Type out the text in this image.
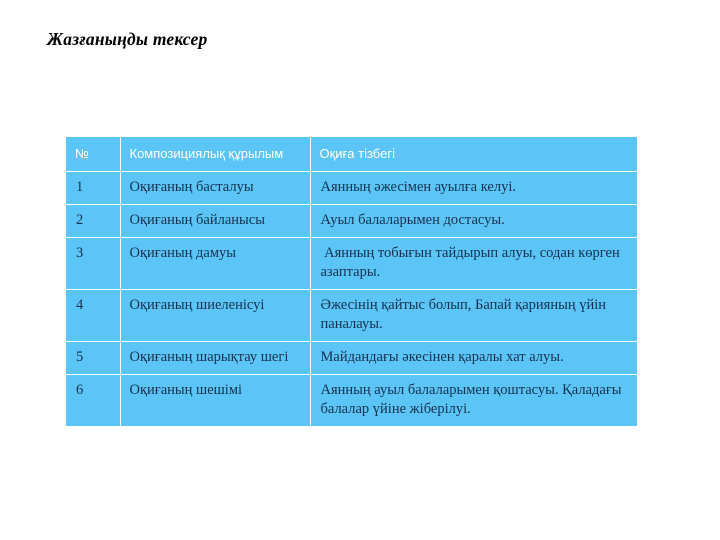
Жазғаныңды тексер
№	Композициялық құрылым	Оқиға тізбегі
1	Оқиғаның басталуы	Аянның әжесімен ауылға келуі.
2	Оқиғаның байланысы	Ауыл балаларымен достасуы.
3	Оқиғаның дамуы	Аянның тобығын тайдырып алуы, содан көрген азаптары.
4	Оқиғаның шиеленісуі	Әжесінің қайтыс болып, Бапай қарияның үйін паналауы.
5	Оқиғаның шарықтау шегі	Майдандағы әкесінен қаралы хат алуы.
6	Оқиғаның шешімі	Аянның ауыл балаларымен қоштасуы. Қаладағы балалар үйіне жіберілуі.
